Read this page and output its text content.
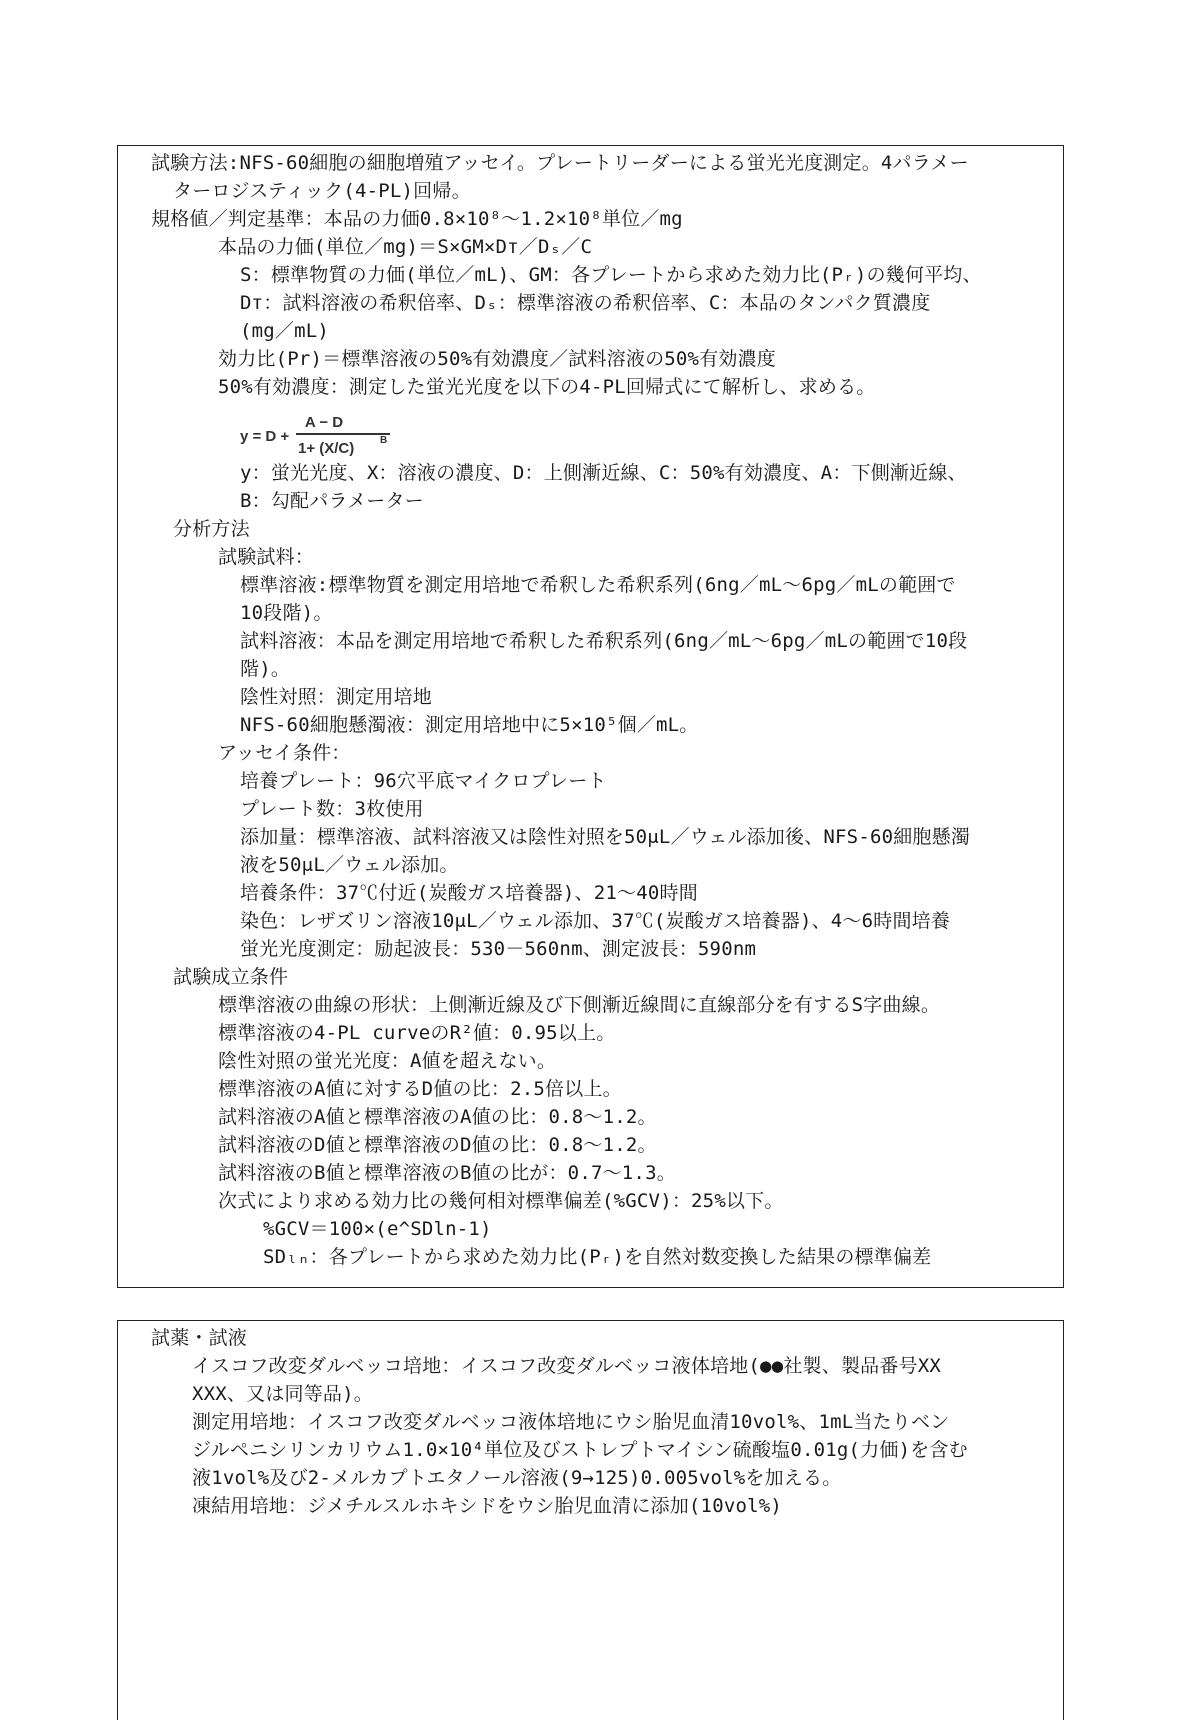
試験方法:NFS-60細胞の細胞増殖アッセイ。プレートリーダーによる蛍光光度測定。4パラメー
ターロジスティック(4-PL)回帰。
規格値／判定基準：本品の力価0.8×10⁸～1.2×10⁸単位／mg
本品の力価(単位／mg)＝S×GM×Dᴛ／Dₛ／C
S：標準物質の力価(単位／mL)、GM：各プレートから求めた効力比(Pᵣ)の幾何平均、
Dᴛ：試料溶液の希釈倍率、Dₛ：標準溶液の希釈倍率、C：本品のタンパク質濃度
(mg／mL)
効力比(Pr)＝標準溶液の50%有効濃度／試料溶液の50%有効濃度
50%有効濃度：測定した蛍光光度を以下の4-PL回帰式にて解析し、求める。
y = D +
A − D
1+ (X/C)	B
y：蛍光光度、X：溶液の濃度、D：上側漸近線、C：50%有効濃度、A：下側漸近線、
B：勾配パラメーター
分析方法
試験試料：
標準溶液:標準物質を測定用培地で希釈した希釈系列(6ng／mL～6pg／mLの範囲で
10段階)。
試料溶液：本品を測定用培地で希釈した希釈系列(6ng／mL～6pg／mLの範囲で10段
階)。
陰性対照：測定用培地
NFS-60細胞懸濁液：測定用培地中に5×10⁵個／mL。
アッセイ条件：
培養プレート：96穴平底マイクロプレート
プレート数：3枚使用
添加量：標準溶液、試料溶液又は陰性対照を50μL／ウェル添加後、NFS-60細胞懸濁
液を50μL／ウェル添加。
培養条件：37℃付近(炭酸ガス培養器)、21～40時間
染色：レザズリン溶液10μL／ウェル添加、37℃(炭酸ガス培養器)、4～6時間培養
蛍光光度測定：励起波長：530－560nm、測定波長：590nm
試験成立条件
標準溶液の曲線の形状：上側漸近線及び下側漸近線間に直線部分を有するS字曲線。
標準溶液の4-PL curveのR²値：0.95以上。
陰性対照の蛍光光度：A値を超えない。
標準溶液のA値に対するD値の比：2.5倍以上。
試料溶液のA値と標準溶液のA値の比：0.8～1.2。
試料溶液のD値と標準溶液のD値の比：0.8～1.2。
試料溶液のB値と標準溶液のB値の比が：0.7～1.3。
次式により求める効力比の幾何相対標準偏差(%GCV)：25%以下。
%GCV＝100×(e^SDln-1)
SDₗₙ：各プレートから求めた効力比(Pᵣ)を自然対数変換した結果の標準偏差
試薬・試液
イスコフ改変ダルベッコ培地：イスコフ改変ダルベッコ液体培地(●●社製、製品番号XX
XXX、又は同等品)。
測定用培地：イスコフ改変ダルベッコ液体培地にウシ胎児血清10vol%、1mL当たりベン
ジルペニシリンカリウム1.0×10⁴単位及びストレプトマイシン硫酸塩0.01g(力価)を含む
液1vol%及び2-メルカプトエタノール溶液(9→125)0.005vol%を加える。
凍結用培地：ジメチルスルホキシドをウシ胎児血清に添加(10vol%)
